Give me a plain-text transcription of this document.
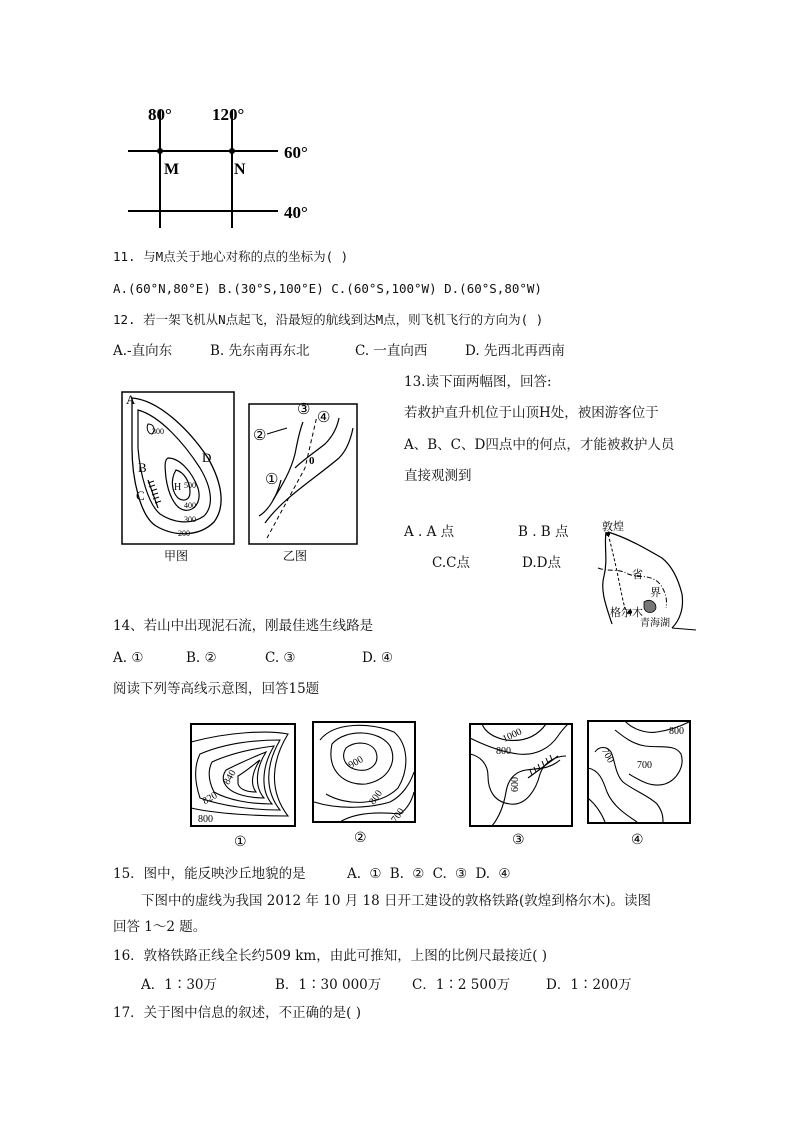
80° 120°
60°
40°
M	N
11. 与M点关于地心对称的点的坐标为( )
A.(60°N,80°E) B.(30°S,100°E) C.(60°S,100°W) D.(60°S,80°W)
12. 若一架飞机从N点起飞，沿最短的航线到达M点，则飞机飞行的方向为( )
A.-直向东	B. 先东南再东北	C. 一直向西	D. 先西北再西南
A
B
C
D
H
300
500
400
300
200
甲图
①
②
③ ④
0
乙图
13.读下面两幅图，回答:
若救护直升机位于山顶H处，被困游客位于
A、B、C、D四点中的何点，才能被救护人员
直接观测到
A . A 点	B . B 点
C.C点	D.D点
敦煌
省
界
格尔木
青海湖
14、若山中出现泥石流，刚最佳逃生线路是
A. ①	B. ②	C. ③	D. ④
阅读下列等高线示意图，回答15题
840
820
800
①
900
800
700
②
1000
800
600
③
800
700
700
④
15．图中，能反映沙丘地貌的是	A. ① B. ② C. ③ D. ④
下图中的虚线为我国 2012 年 10 月 18 日开工建设的敦格铁路(敦煌到格尔木)。读图
回答 1～2 题。
16．敦格铁路正线全长约509 km，由此可推知，上图的比例尺最接近( )
A．1∶30万	B．1∶30 000万 C．1∶2 500万	D．1∶200万
17．关于图中信息的叙述，不正确的是( )
